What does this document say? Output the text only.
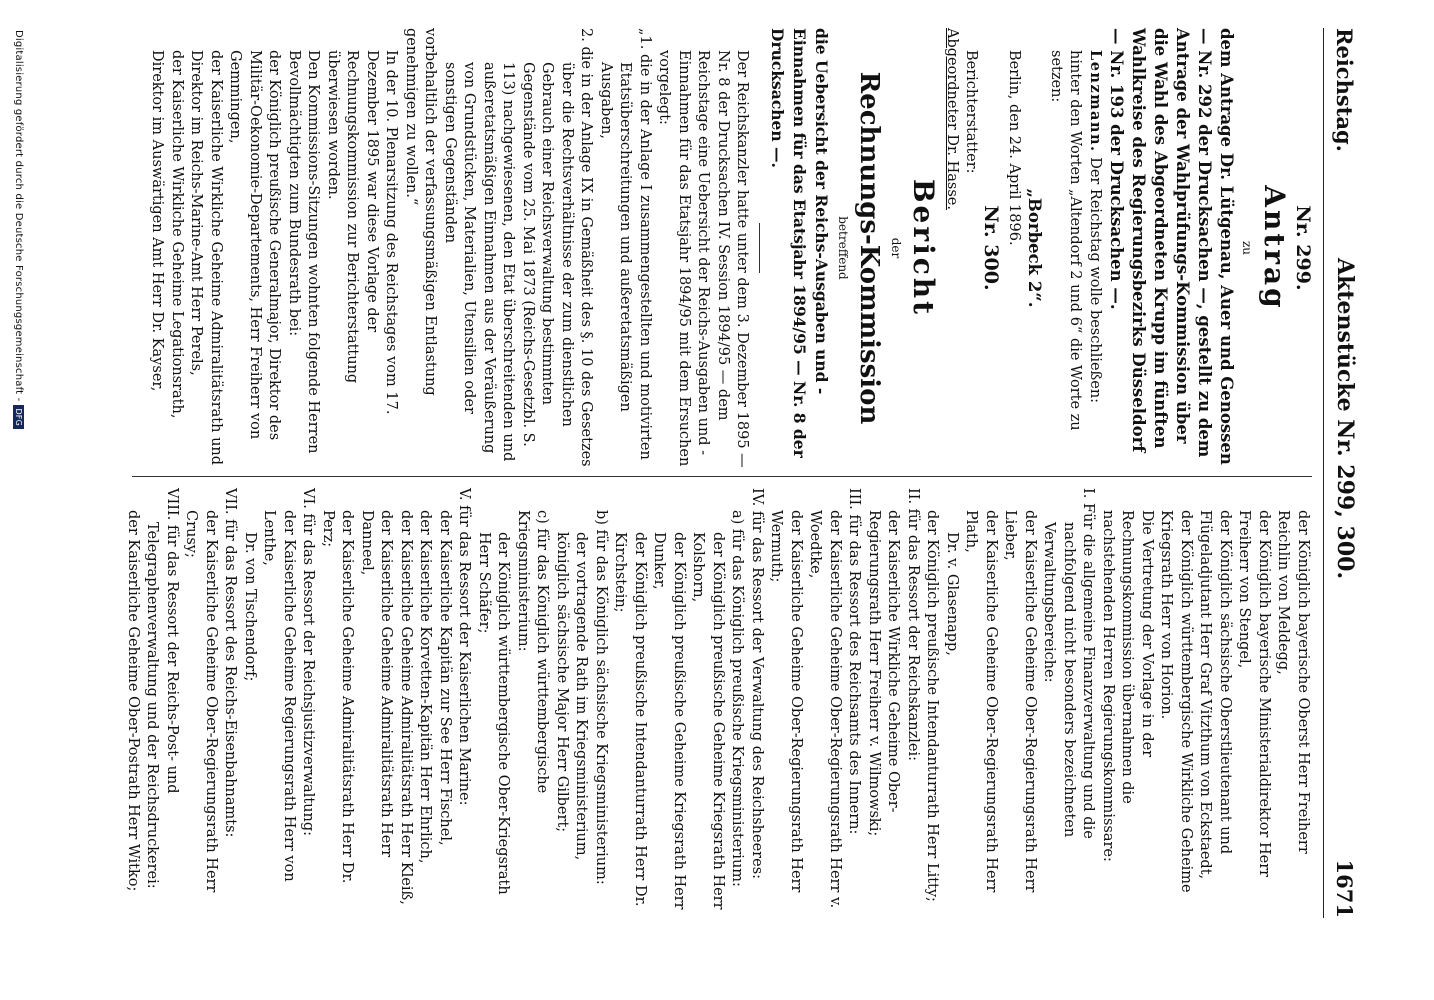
Reichstag.
Aktenstücke Nr. 299, 300.
1671

Nr. 299.

Antrag

zu

dem Antrage Dr. Lütgenau, Auer und Genossen — Nr. 292 der Drucksachen —, gestellt zu dem Antrage der Wahlprüfungs-Kommission über die Wahl des Abgeordneten Krupp im fünften Wahlkreise des Regierungsbezirks Düsseldorf — Nr. 193 der Drucksachen —.

Lenzmann. Der Reichstag wolle beschließen:

hinter den Worten „Altendorf 2 und 6“ die Worte zu setzen:

„Borbeck 2“.

Berlin, den 24. April 1896.

Nr. 300.

Berichterstatter:

Abgeordneter Dr. Hasse.

Bericht

der

Rechnungs-Kommission

betreffend

die Uebersicht der Reichs-Ausgaben und -Einnahmen für das Etatsjahr 1894/95 — Nr. 8 der Drucksachen —.

Der Reichskanzler hatte unter dem 3. Dezember 1895 — Nr. 8 der Drucksachen IV. Session 1894/95 — dem Reichstage eine Uebersicht der Reichs-Ausgaben und -Einnahmen für das Etatsjahr 1894/95 mit dem Ersuchen vorgelegt:

„1. die in der Anlage I zusammengestellten und motivirten Etatsüberschreitungen und außeretatsmäßigen Ausgaben,

2. die in der Anlage IX in Gemäßheit des §. 10 des Gesetzes über die Rechtsverhältnisse der zum dienstlichen Gebrauch einer Reichsverwaltung bestimmten Gegenstände vom 25. Mai 1873 (Reichs-Gesetzbl. S. 113) nachgewiesenen, den Etat überschreitenden und außeretatsmäßigen Einnahmen aus der Veräußerung von Grundstücken, Materialien, Utensilien oder sonstigen Gegenständen

vorbehaltlich der verfassungsmäßigen Entlastung genehmigen zu wollen.“

In der 10. Plenarsitzung des Reichstages vom 17. Dezember 1895 war diese Vorlage der Rechnungskommission zur Berichterstattung überwiesen worden.

Den Kommissions-Sitzungen wohnten folgende Herren Bevollmächtigten zum Bundesrath bei:

der Königlich preußische Generalmajor, Direktor des Militär-Oekonomie-Departements, Herr Freiherr von Gemmingen,

der Kaiserliche Wirkliche Geheime Admiralitätsrath und Direktor im Reichs-Marine-Amt Herr Perels,

der Kaiserliche Wirkliche Geheime Legationsrath, Direktor im Auswärtigen Amt Herr Dr. Kayser,

der Königlich bayerische Oberst Herr Freiherr Reichlin von Meldegg,

der Königlich bayerische Ministerialdirektor Herr Freiherr von Stengel,

der Königlich sächsische Oberstlieutenant und Flügeladjutant Herr Graf Vitzthum von Eckstaedt,

der Königlich württembergische Wirkliche Geheime Kriegsrath Herr von Horion.

Die Vertretung der Vorlage in der Rechnungskommission übernahmen die nachstehenden Herren Regierungskommissare:

I. Für die allgemeine Finanzverwaltung und die nachfolgend nicht besonders bezeichneten Verwaltungsbereiche:

der Kaiserliche Geheime Ober-Regierungsrath Herr Lieber,

der Kaiserliche Geheime Ober-Regierungsrath Herr Plath,

Dr. v. Glasenapp,

der Königlich preußische Intendanturrath Herr Litty;

II. für das Ressort der Reichskanzlei:

der Kaiserliche Wirkliche Geheime Ober-Regierungsrath Herr Freiherr v. Wilmowski;

III. für das Ressort des Reichsamts des Innern:

der Kaiserliche Geheime Ober-Regierungsrath Herr v. Woedtke,

der Kaiserliche Geheime Ober-Regierungsrath Herr Wermuth;

IV. für das Ressort der Verwaltung des Reichsheeres:

a) für das Königlich preußische Kriegsministerium:

der Königlich preußische Geheime Kriegsrath Herr Kolshorn,

der Königlich preußische Geheime Kriegsrath Herr Dunker,

der Königlich preußische Intendanturrath Herr Dr. Kirchstein;

b) für das Königlich sächsische Kriegsministerium:

der vortragende Rath im Kriegsministerium, königlich sächsische Major Herr Gilbert;

c) für das Königlich württembergische Kriegsministerium:

der Königlich württembergische Ober-Kriegsrath Herr Schäfer;

V. für das Ressort der Kaiserlichen Marine:

der Kaiserliche Kapitän zur See Herr Fischel,

der Kaiserliche Korvetten-Kapitän Herr Ehrlich,

der Kaiserliche Geheime Admiralitätsrath Herr Kleiß,

der Kaiserliche Geheime Admiralitätsrath Herr Danneel,

der Kaiserliche Geheime Admiralitätsrath Herr Dr. Perz;

VI. für das Ressort der Reichsjustizverwaltung:

der Kaiserliche Geheime Regierungsrath Herr von Lenthe,

Dr. von Tischendorf;

VII. für das Ressort des Reichs-Eisenbahnamts:

der Kaiserliche Geheime Ober-Regierungsrath Herr Crusy;

VIII. für das Ressort der Reichs-Post- und Telegraphenverwaltung und der Reichsdruckerei:

der Kaiserliche Geheime Ober-Postrath Herr Witko;

Digitalisierung gefördert durch die Deutsche Forschungsgemeinschaft -DFG
